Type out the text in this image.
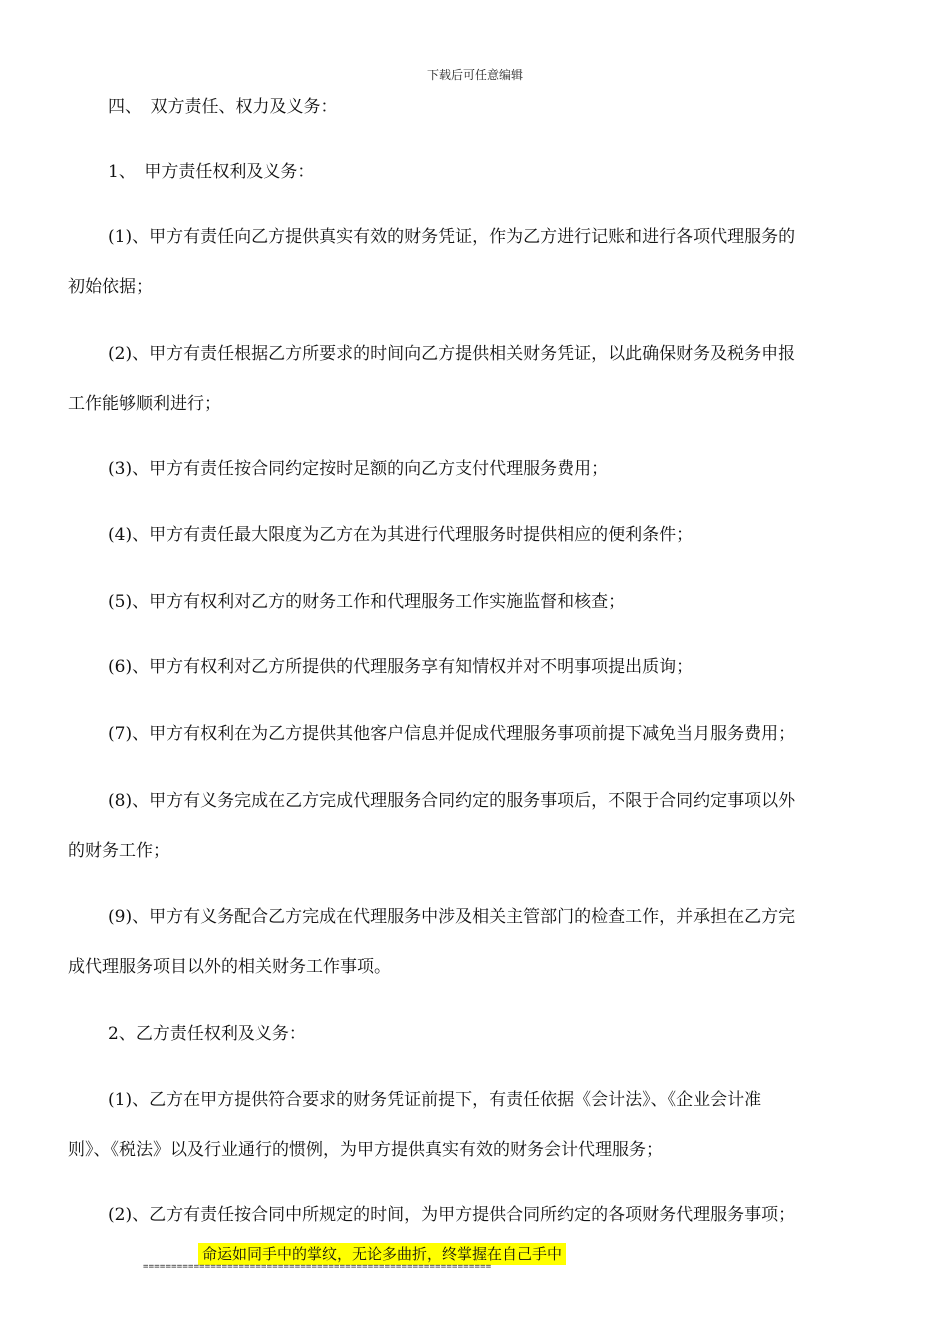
下载后可任意编辑
四、　双方责任、权力及义务：
1、　甲方责任权利及义务：
(1)、甲方有责任向乙方提供真实有效的财务凭证，作为乙方进行记账和进行各项代理服务的
初始依据；
(2)、甲方有责任根据乙方所要求的时间向乙方提供相关财务凭证，以此确保财务及税务申报
工作能够顺利进行；
(3)、甲方有责任按合同约定按时足额的向乙方支付代理服务费用；
(4)、甲方有责任最大限度为乙方在为其进行代理服务时提供相应的便利条件；
(5)、甲方有权利对乙方的财务工作和代理服务工作实施监督和核查；
(6)、甲方有权利对乙方所提供的代理服务享有知情权并对不明事项提出质询；
(7)、甲方有权利在为乙方提供其他客户信息并促成代理服务事项前提下减免当月服务费用；
(8)、甲方有义务完成在乙方完成代理服务合同约定的服务事项后，不限于合同约定事项以外
的财务工作；
(9)、甲方有义务配合乙方完成在代理服务中涉及相关主管部门的检查工作，并承担在乙方完
成代理服务项目以外的相关财务工作事项。
2、乙方责任权利及义务：
(1)、乙方在甲方提供符合要求的财务凭证前提下，有责任依据《会计法》、《企业会计准
则》、《税法》以及行业通行的惯例，为甲方提供真实有效的财务会计代理服务；
(2)、乙方有责任按合同中所规定的时间，为甲方提供合同所约定的各项财务代理服务事项；
命运如同手中的掌纹，无论多曲折，终掌握在自己手中
==============================================================
